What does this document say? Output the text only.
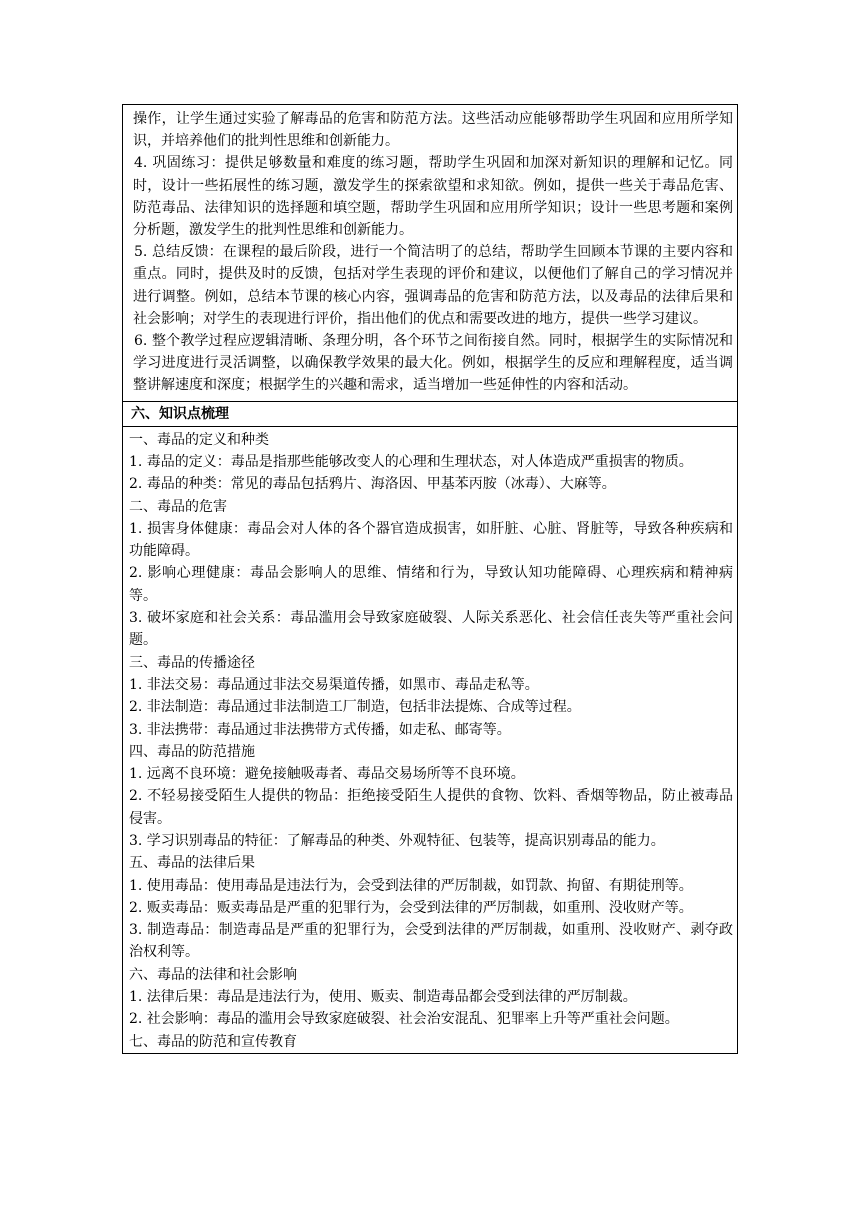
操作，让学生通过实验了解毒品的危害和防范方法。这些活动应能够帮助学生巩固和应用所学知识，并培养他们的批判性思维和创新能力。

4. 巩固练习：提供足够数量和难度的练习题，帮助学生巩固和加深对新知识的理解和记忆。同时，设计一些拓展性的练习题，激发学生的探索欲望和求知欲。例如，提供一些关于毒品危害、防范毒品、法律知识的选择题和填空题，帮助学生巩固和应用所学知识；设计一些思考题和案例分析题，激发学生的批判性思维和创新能力。

5. 总结反馈：在课程的最后阶段，进行一个简洁明了的总结，帮助学生回顾本节课的主要内容和重点。同时，提供及时的反馈，包括对学生表现的评价和建议，以便他们了解自己的学习情况并进行调整。例如，总结本节课的核心内容，强调毒品的危害和防范方法，以及毒品的法律后果和社会影响；对学生的表现进行评价，指出他们的优点和需要改进的地方，提供一些学习建议。

6. 整个教学过程应逻辑清晰、条理分明，各个环节之间衔接自然。同时，根据学生的实际情况和学习进度进行灵活调整，以确保教学效果的最大化。例如，根据学生的反应和理解程度，适当调整讲解速度和深度；根据学生的兴趣和需求，适当增加一些延伸性的内容和活动。

六、知识点梳理
一、毒品的定义和种类
1. 毒品的定义：毒品是指那些能够改变人的心理和生理状态，对人体造成严重损害的物质。
2. 毒品的种类：常见的毒品包括鸦片、海洛因、甲基苯丙胺（冰毒）、大麻等。
二、毒品的危害
1. 损害身体健康：毒品会对人体的各个器官造成损害，如肝脏、心脏、肾脏等，导致各种疾病和功能障碍。
2. 影响心理健康：毒品会影响人的思维、情绪和行为，导致认知功能障碍、心理疾病和精神病等。
3. 破坏家庭和社会关系：毒品滥用会导致家庭破裂、人际关系恶化、社会信任丧失等严重社会问题。
三、毒品的传播途径
1. 非法交易：毒品通过非法交易渠道传播，如黑市、毒品走私等。
2. 非法制造：毒品通过非法制造工厂制造，包括非法提炼、合成等过程。
3. 非法携带：毒品通过非法携带方式传播，如走私、邮寄等。
四、毒品的防范措施
1. 远离不良环境：避免接触吸毒者、毒品交易场所等不良环境。
2. 不轻易接受陌生人提供的物品：拒绝接受陌生人提供的食物、饮料、香烟等物品，防止被毒品侵害。
3. 学习识别毒品的特征：了解毒品的种类、外观特征、包装等，提高识别毒品的能力。
五、毒品的法律后果
1. 使用毒品：使用毒品是违法行为，会受到法律的严厉制裁，如罚款、拘留、有期徒刑等。
2. 贩卖毒品：贩卖毒品是严重的犯罪行为，会受到法律的严厉制裁，如重刑、没收财产等。
3. 制造毒品：制造毒品是严重的犯罪行为，会受到法律的严厉制裁，如重刑、没收财产、剥夺政治权利等。
六、毒品的法律和社会影响
1. 法律后果：毒品是违法行为，使用、贩卖、制造毒品都会受到法律的严厉制裁。
2. 社会影响：毒品的滥用会导致家庭破裂、社会治安混乱、犯罪率上升等严重社会问题。
七、毒品的防范和宣传教育
